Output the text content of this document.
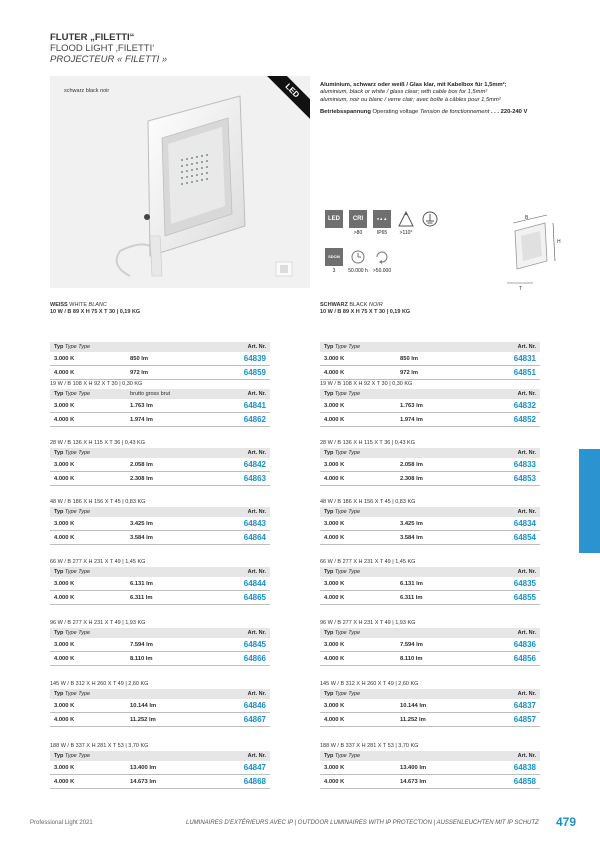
FLUTER „FILETTI“
FLOOD LIGHT ‚FILETTI‘
PROJECTEUR « FILETTI »
schwarz black noir	LED	Aluminium, schwarz oder weiß / Glas klar, mit Kabelbox für 1,5mm²;
aluminium, black or white / glass clear; with cable box for 1,5mm²
aluminium, noir ou blanc / verre clair; avec boîte à câbles pour 1,5mm²
Betriebsspannung Operating voltage Tension de fonctionnement . . . 220-240 V
LED	CRI
>80
●▲▲
IP65	>110°
SDCM
3	50.000 h	>50.000
B
H
T
WEISS WHITE BLANC
10 W / B 89 X H 75 X T 30 | 0,19 KG
Typ Type Type	Art. Nr.
3.000 K	850 lm	64839
4.000 K	972 lm	64859
19 W / B 108 X H 92 X T 30 | 0,30 KG
Typ Type Type	brutto gross brut	Art. Nr.
3.000 K	1.763 lm	64841
4.000 K	1.974 lm	64862
28 W / B 136 X H 115 X T 36 | 0,43 KG
Typ Type Type	Art. Nr.
3.000 K	2.058 lm	64842
4.000 K	2.308 lm	64863
48 W / B 186 X H 156 X T 45 | 0,83 KG
Typ Type Type	Art. Nr.
3.000 K	3.425 lm	64843
4.000 K	3.584 lm	64864
66 W / B 277 X H 231 X T 49 | 1,45 KG
Typ Type Type	Art. Nr.
3.000 K	6.131 lm	64844
4.000 K	6.311 lm	64865
96 W / B 277 X H 231 X T 49 | 1,93 KG
Typ Type Type	Art. Nr.
3.000 K	7.594 lm	64845
4.000 K	8.110 lm	64866
145 W / B 312 X H 260 X T 49 | 2,60 KG
Typ Type Type	Art. Nr.
3.000 K	10.144 lm	64846
4.000 K	11.252 lm	64867
188 W / B 337 X H 281 X T 53 | 3,70 KG
Typ Type Type	Art. Nr.
3.000 K	13.400 lm	64847
4.000 K	14.673 lm	64868
SCHWARZ BLACK NOIR
10 W / B 89 X H 75 X T 30 | 0,19 KG
Typ Type Type	Art. Nr.
3.000 K	850 lm	64831
4.000 K	972 lm	64851
19 W / B 108 X H 92 X T 30 | 0,30 KG
Typ Type Type	Art. Nr.
3.000 K	1.763 lm	64832
4.000 K	1.974 lm	64852
28 W / B 136 X H 115 X T 36 | 0,43 KG
Typ Type Type	Art. Nr.
3.000 K	2.058 lm	64833
4.000 K	2.308 lm	64853
48 W / B 186 X H 156 X T 45 | 0,83 KG
Typ Type Type	Art. Nr.
3.000 K	3.425 lm	64834
4.000 K	3.584 lm	64854
66 W / B 277 X H 231 X T 49 | 1,45 KG
Typ Type Type	Art. Nr.
3.000 K	6.131 lm	64835
4.000 K	6.311 lm	64855
96 W / B 277 X H 231 X T 49 | 1,93 KG
Typ Type Type	Art. Nr.
3.000 K	7.594 lm	64836
4.000 K	8.110 lm	64856
145 W / B 312 X H 260 X T 49 | 2,60 KG
Typ Type Type	Art. Nr.
3.000 K	10.144 lm	64837
4.000 K	11.252 lm	64857
188 W / B 337 X H 281 X T 53 | 3,70 KG
Typ Type Type	Art. Nr.
3.000 K	13.400 lm	64838
4.000 K	14.673 lm	64858
Professional Light 2021	LUMINAIRES D’EXTÉRIEURS AVEC IP | OUTDOOR LUMINAIRES WITH IP PROTECTION | AUSSENLEUCHTEN MIT IP SCHUTZ 479
